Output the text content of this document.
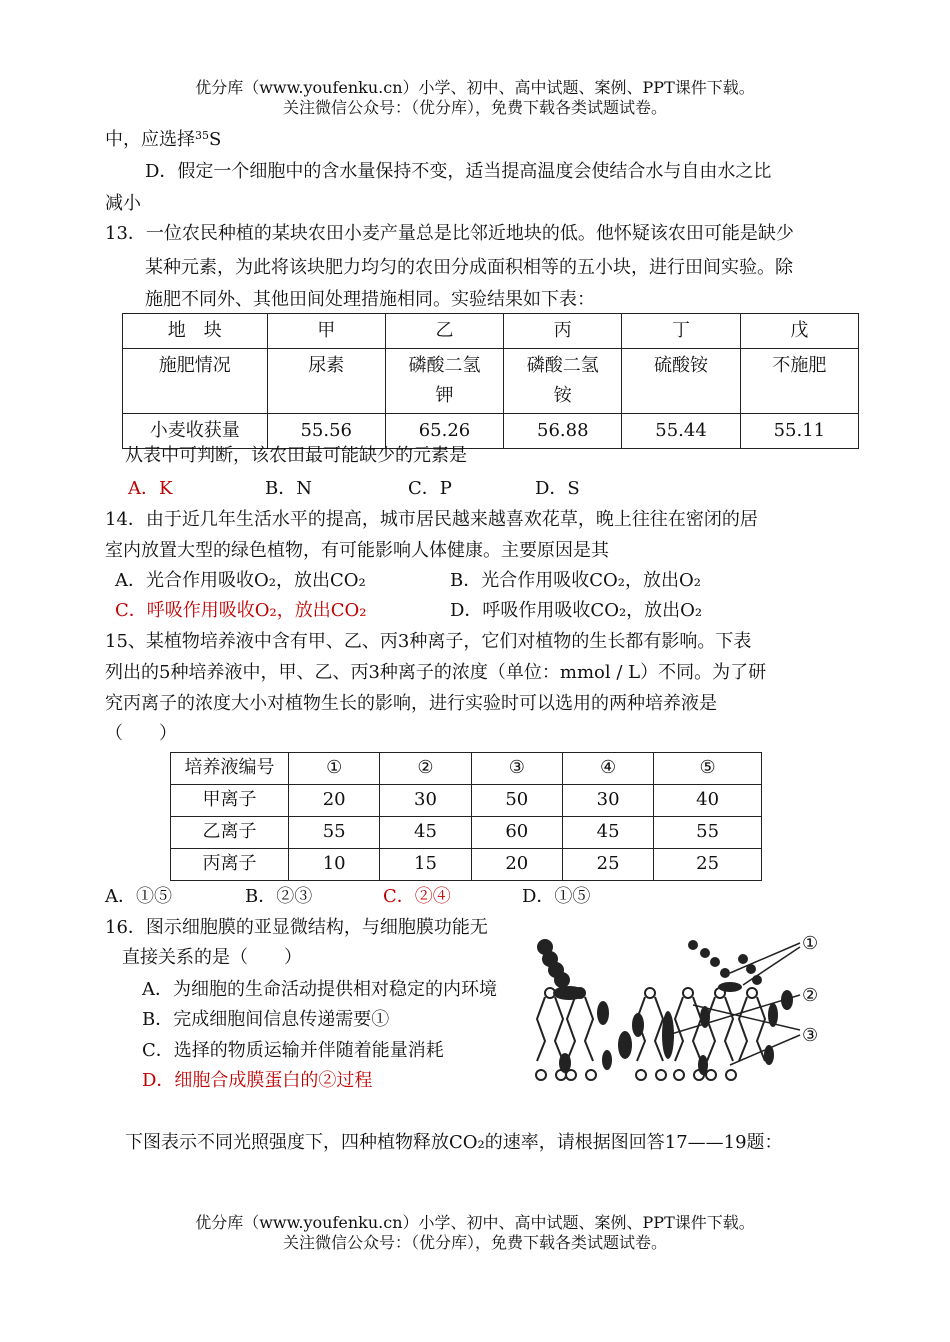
优分库（www.youfenku.cn）小学、初中、高中试题、案例、PPT课件下载。
关注微信公众号：（优分库），免费下载各类试题试卷。
中，应选择$^{35}$S
D．假定一个细胞中的含水量保持不变，适当提高温度会使结合水与自由水之比
减小
13．一位农民种植的某块农田小麦产量总是比邻近地块的低。他怀疑该农田可能是缺少
某种元素，为此将该块肥力均匀的农田分成面积相等的五小块，进行田间实验。除
施肥不同外、其他田间处理措施相同。实验结果如下表：
地　块	甲	乙	丙	丁	戊
施肥情况	尿素	磷酸二氢钾	磷酸二氢铵	硫酸铵	不施肥
小麦收获量	55.56	65.26	56.88	55.44	55.11
从表中可判断，该农田最可能缺少的元素是
A．K	B．N	C．P	D．S
14．由于近几年生活水平的提高，城市居民越来越喜欢花草，晚上往往在密闭的居
室内放置大型的绿色植物，有可能影响人体健康。主要原因是其
A．光合作用吸收O₂，放出CO₂	B．光合作用吸收CO₂，放出O₂
C．呼吸作用吸收O₂，放出CO₂	D．呼吸作用吸收CO₂，放出O₂
15、某植物培养液中含有甲、乙、丙3种离子，它们对植物的生长都有影响。下表
列出的5种培养液中，甲、乙、丙3种离子的浓度（单位：mmol / L）不同。为了研
究丙离子的浓度大小对植物生长的影响，进行实验时可以选用的两种培养液是
（　　）
培养液编号	①	②	③	④	⑤
甲离子	20	30	50	30	40
乙离子	55	45	60	45	55
丙离子	10	15	20	25	25
A．①⑤	B．②③	C．②④	D．①⑤
16．图示细胞膜的亚显微结构，与细胞膜功能无
直接关系的是（　　）
A．为细胞的生命活动提供相对稳定的内环境
B．完成细胞间信息传递需要①
C．选择的物质运输并伴随着能量消耗
D．细胞合成膜蛋白的②过程
①
②
③
下图表示不同光照强度下，四种植物释放CO₂的速率，请根据图回答17——19题：
优分库（www.youfenku.cn）小学、初中、高中试题、案例、PPT课件下载。
关注微信公众号：（优分库），免费下载各类试题试卷。
